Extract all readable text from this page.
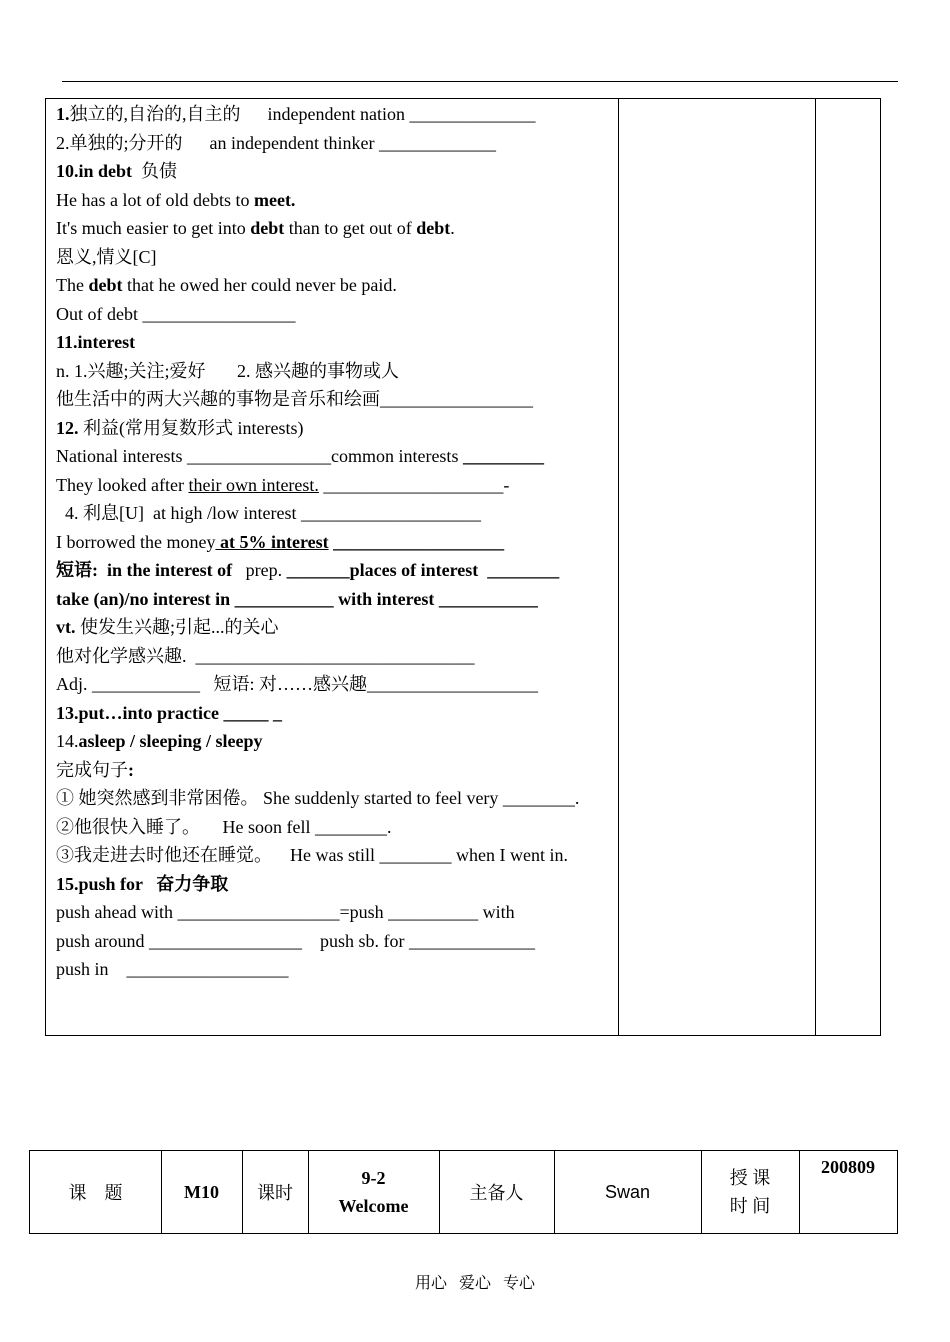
1.独立的,自治的,自主的      independent nation ______________
2.单独的;分开的      an independent thinker _____________
10.in debt  负债
He has a lot of old debts to meet.
It's much easier to get into debt than to get out of debt.
恩义,情义[C]
The debt that he owed her could never be paid.
Out of debt _________________
11.interest
n. 1.兴趣;关注;爱好       2. 感兴趣的事物或人
他生活中的两大兴趣的事物是音乐和绘画_________________
12. 利益(常用复数形式 interests)
National interests ________________common interests _________
They looked after their own interest. ____________________-
4. 利息[U]  at high /low interest ____________________
I borrowed the money at 5% interest ___________________
短语:  in the interest of   prep. _______places of interest  ________
take (an)/no interest in ___________ with interest ___________
vt. 使发生兴趣;引起...的关心
他对化学感兴趣.  _______________________________
Adj. ____________   短语: 对……感兴趣___________________
13.put…into practice _____ _
14.asleep / sleeping / sleepy
完成句子:
① 她突然感到非常困倦。 She suddenly started to feel very ________.
②他很快入睡了。     He soon fell ________.
③我走进去时他还在睡觉。    He was still ________ when I went in.
15.push for   奋力争取
push ahead with __________________=push __________ with
push around _________________    push sb. for ______________
push in    __________________
课    题	M10 课时
9-2
Welcome
主备人	Swan
授 课
时 间
200809
用心   爱心   专心
